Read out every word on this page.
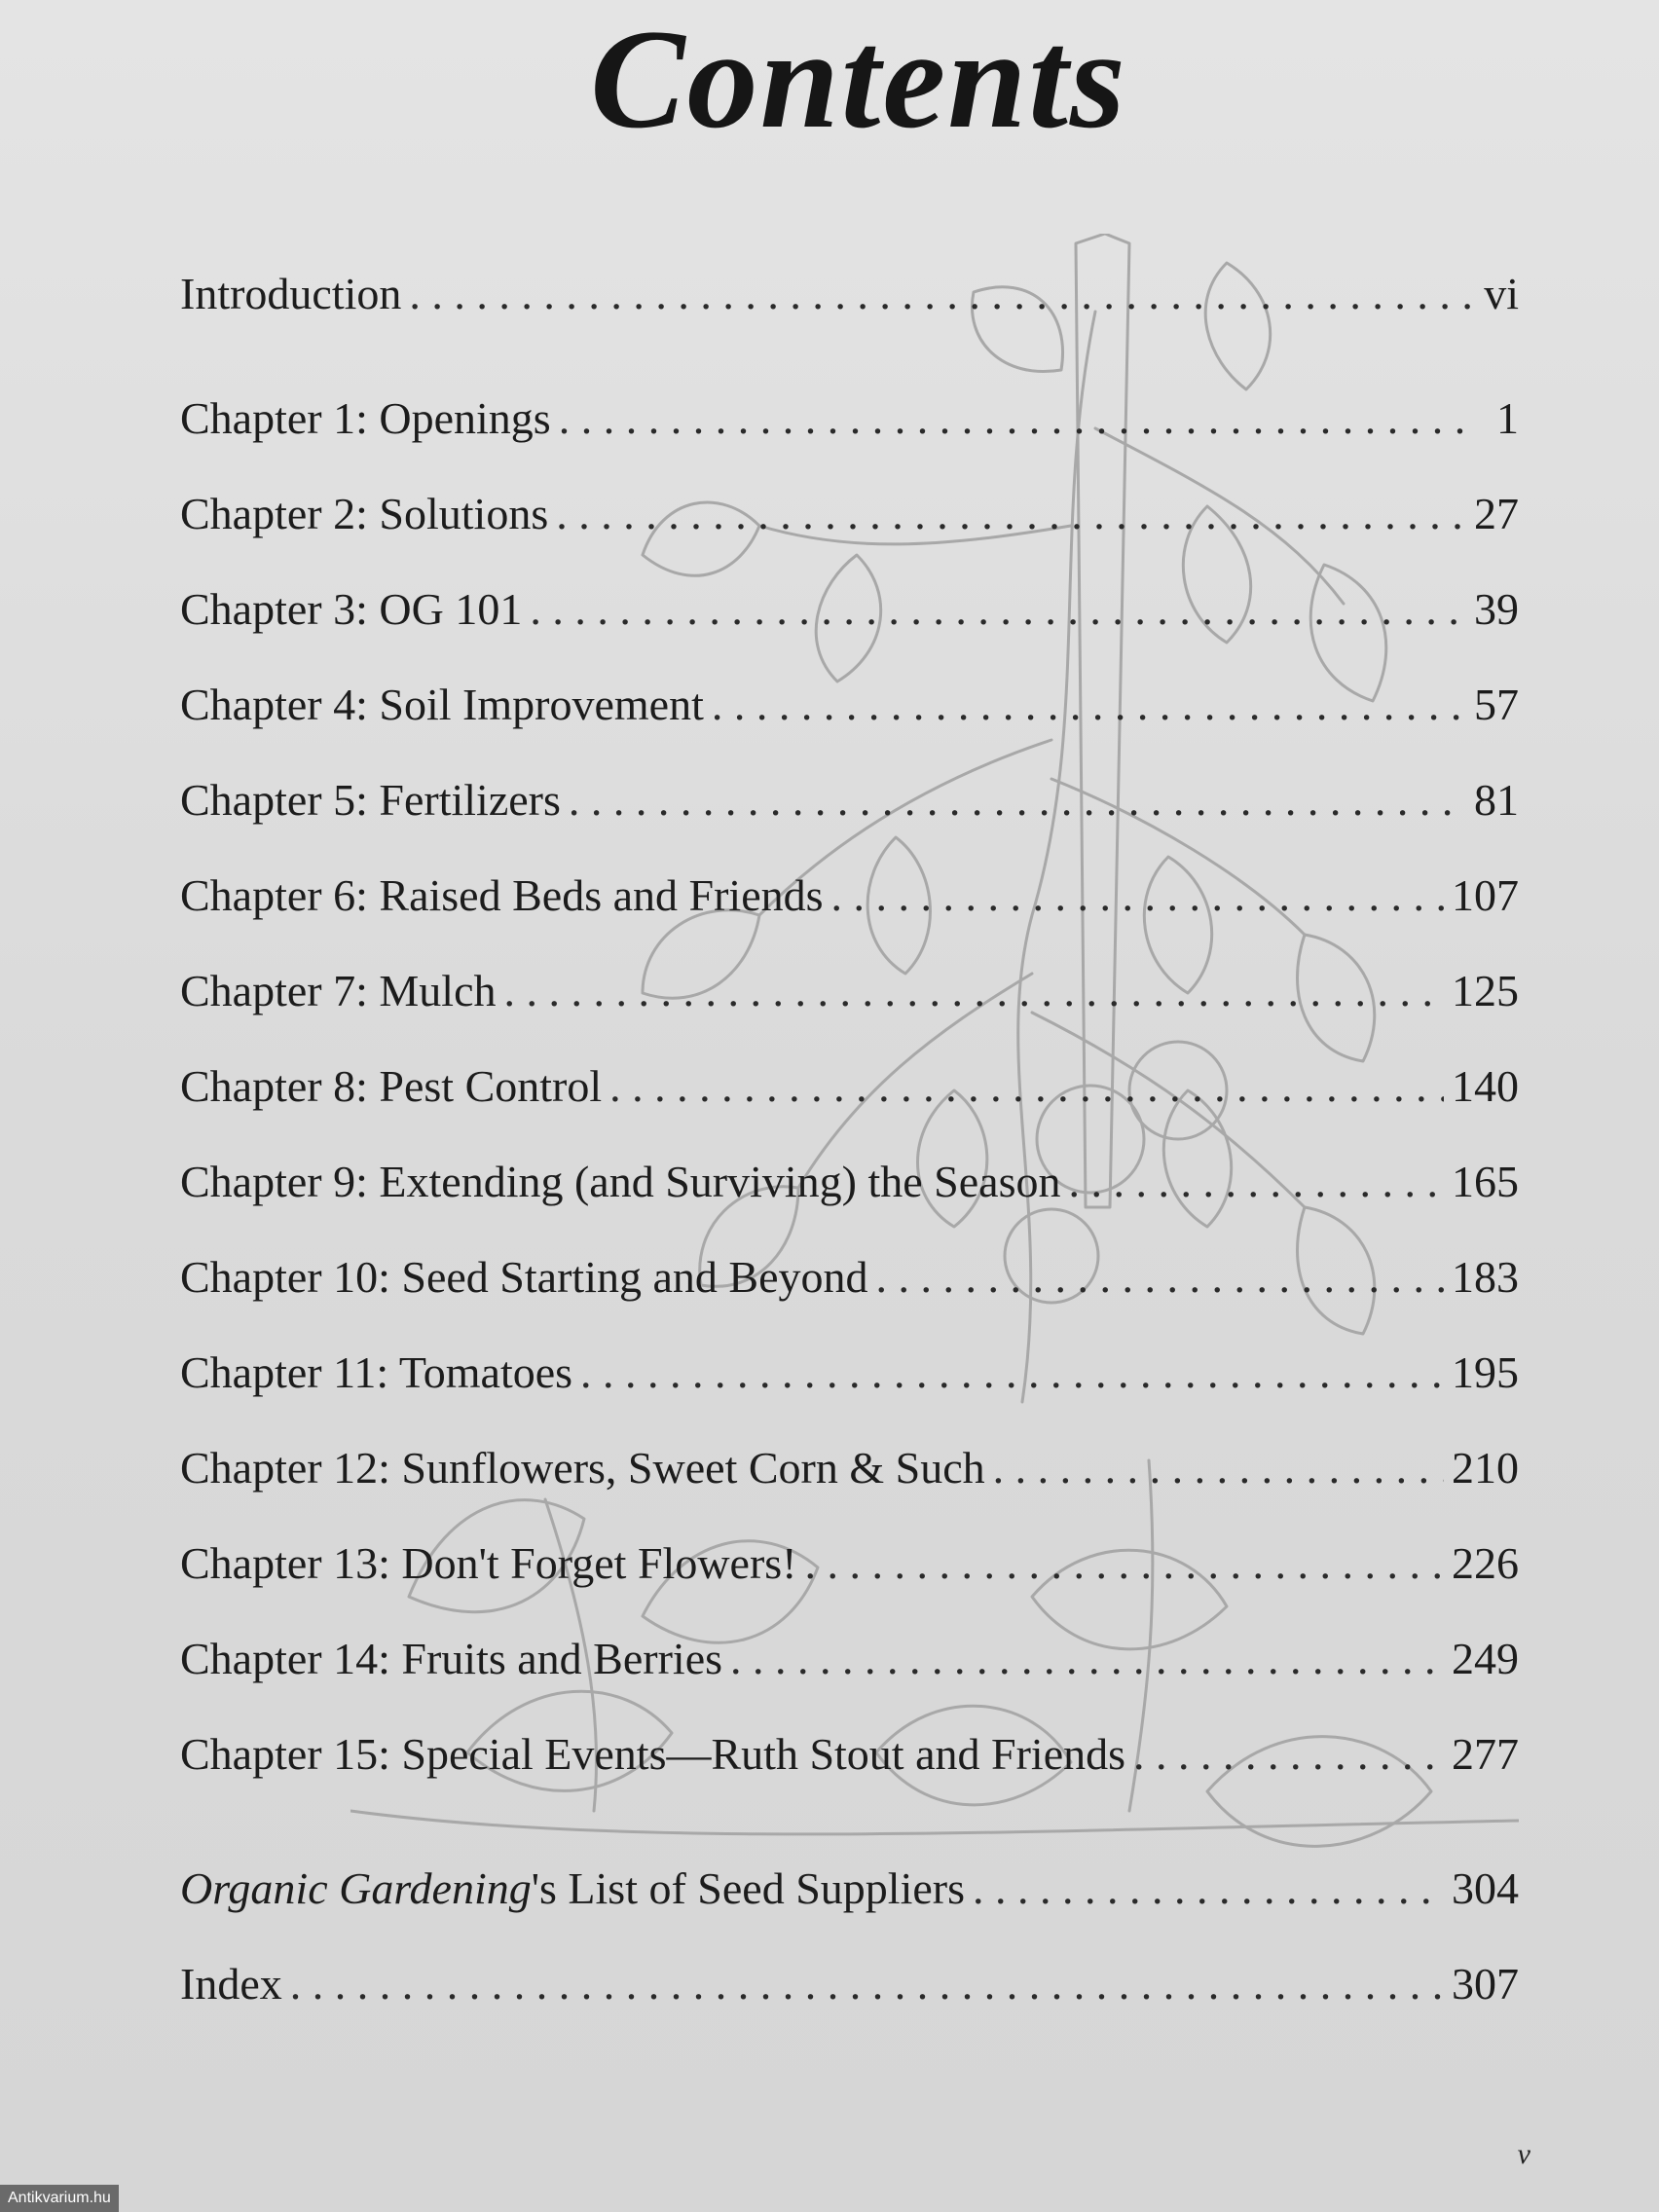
Contents
Introduction . . .	vi
Chapter 1: Openings . . .	1
Chapter 2: Solutions . . .	27
Chapter 3: OG 101 . . .	39
Chapter 4: Soil Improvement . . .	57
Chapter 5: Fertilizers . . .	81
Chapter 6: Raised Beds and Friends . . .	107
Chapter 7: Mulch . . .	125
Chapter 8: Pest Control . . .	140
Chapter 9: Extending (and Surviving) the Season . . .	165
Chapter 10: Seed Starting and Beyond . . .	183
Chapter 11: Tomatoes . . .	195
Chapter 12: Sunflowers, Sweet Corn & Such . . .	210
Chapter 13: Don't Forget Flowers! . . .	226
Chapter 14: Fruits and Berries . . .	249
Chapter 15: Special Events—Ruth Stout and Friends . . .	277
Organic Gardening's List of Seed Suppliers . . .	304
Index . . .	307
v
Antikvarium.hu
